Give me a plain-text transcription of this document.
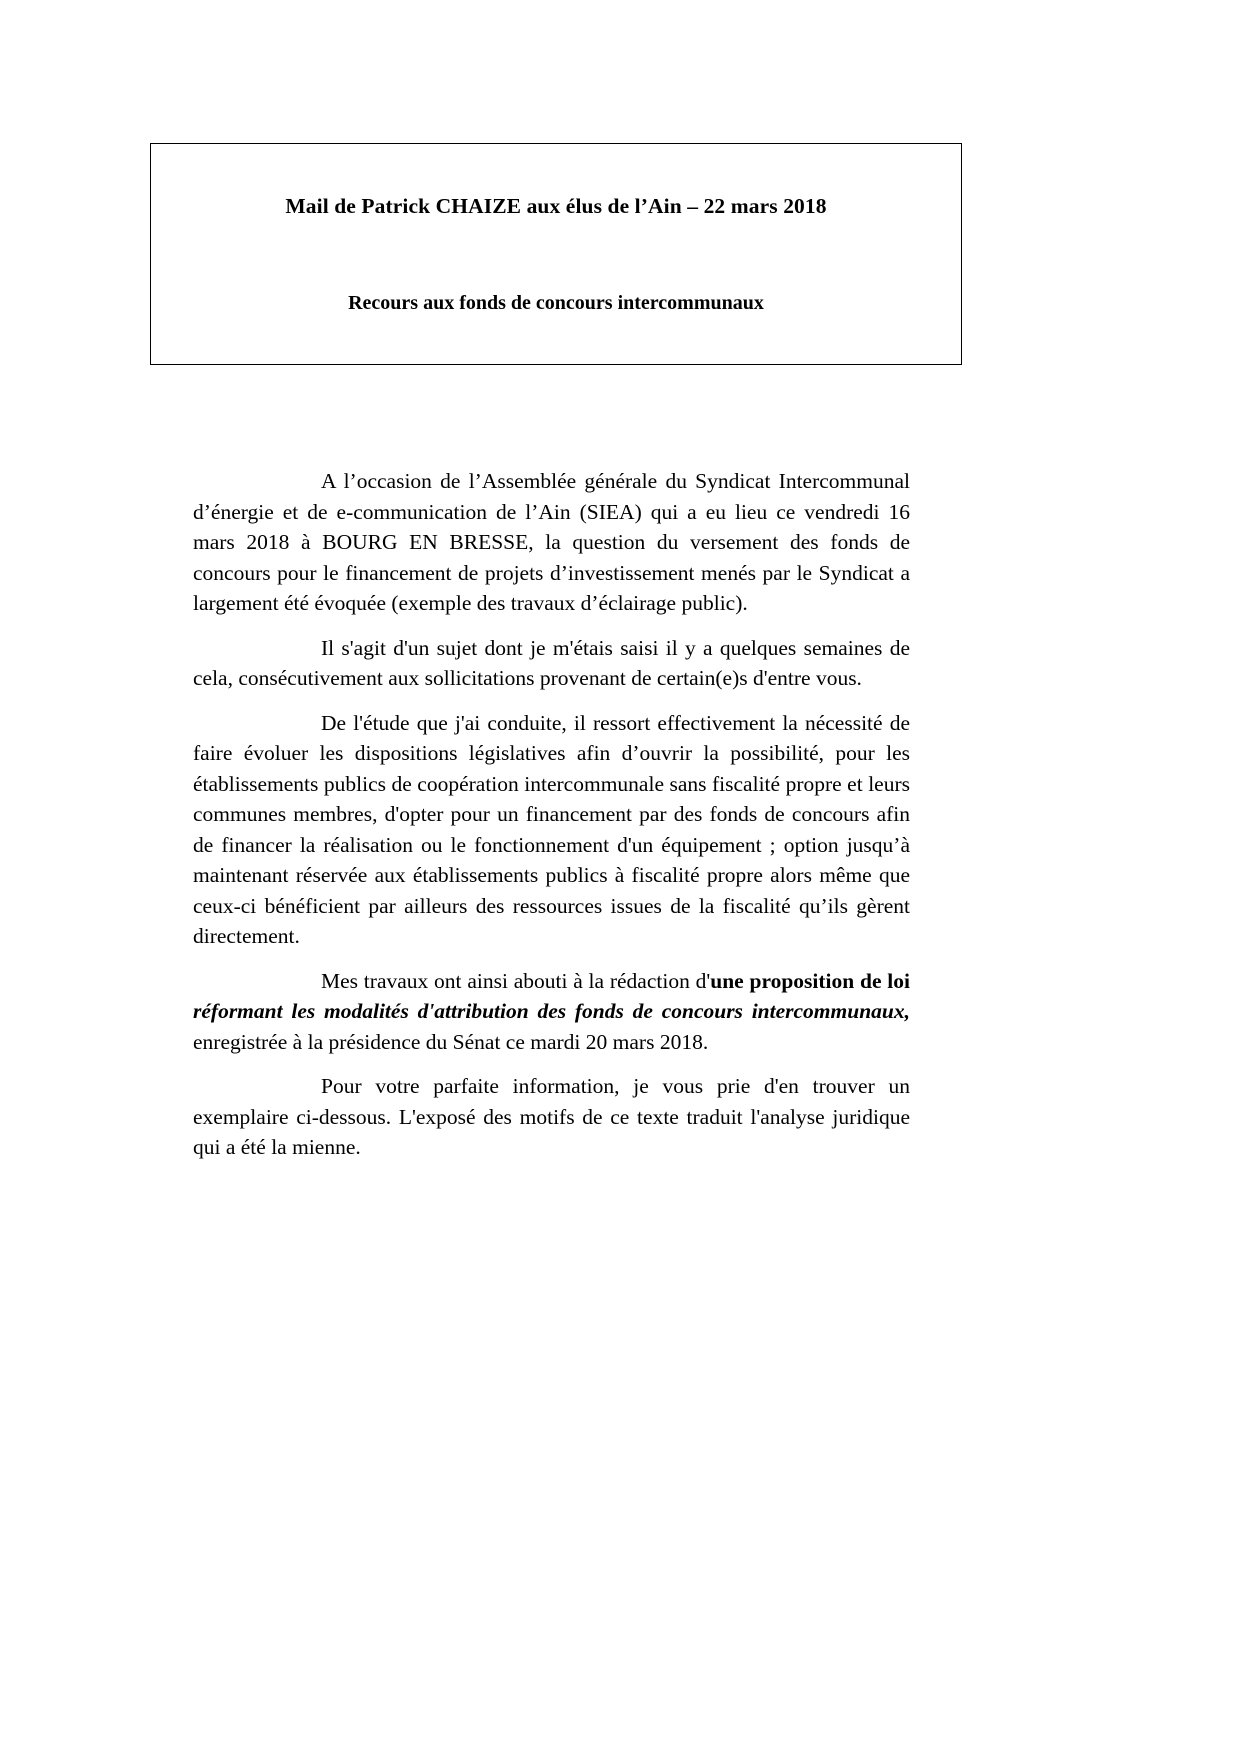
Mail de Patrick CHAIZE aux élus de l’Ain – 22 mars 2018
Recours aux fonds de concours intercommunaux

A l’occasion de l’Assemblée générale du Syndicat Intercommunal d’énergie et de e-communication de l’Ain (SIEA) qui a eu lieu ce vendredi 16 mars 2018 à BOURG EN BRESSE, la question du versement des fonds de concours pour le financement de projets d’investissement menés par le Syndicat a largement été évoquée (exemple des travaux d’éclairage public).

Il s'agit d'un sujet dont je m'étais saisi il y a quelques semaines de cela, consécutivement aux sollicitations provenant de certain(e)s d'entre vous.

De l'étude que j'ai conduite, il ressort effectivement la nécessité de faire évoluer les dispositions législatives afin d’ouvrir la possibilité, pour les établissements publics de coopération intercommunale sans fiscalité propre et leurs communes membres, d'opter pour un financement par des fonds de concours afin de financer la réalisation ou le fonctionnement d'un équipement ; option jusqu’à maintenant réservée aux établissements publics à fiscalité propre alors même que ceux-ci bénéficient par ailleurs des ressources issues de la fiscalité qu’ils gèrent directement.

Mes travaux ont ainsi abouti à la rédaction d'une proposition de loi réformant les modalités d'attribution des fonds de concours intercommunaux, enregistrée à la présidence du Sénat ce mardi 20 mars 2018.

Pour votre parfaite information, je vous prie d'en trouver un exemplaire ci-dessous. L'exposé des motifs de ce texte traduit l'analyse juridique qui a été la mienne.
